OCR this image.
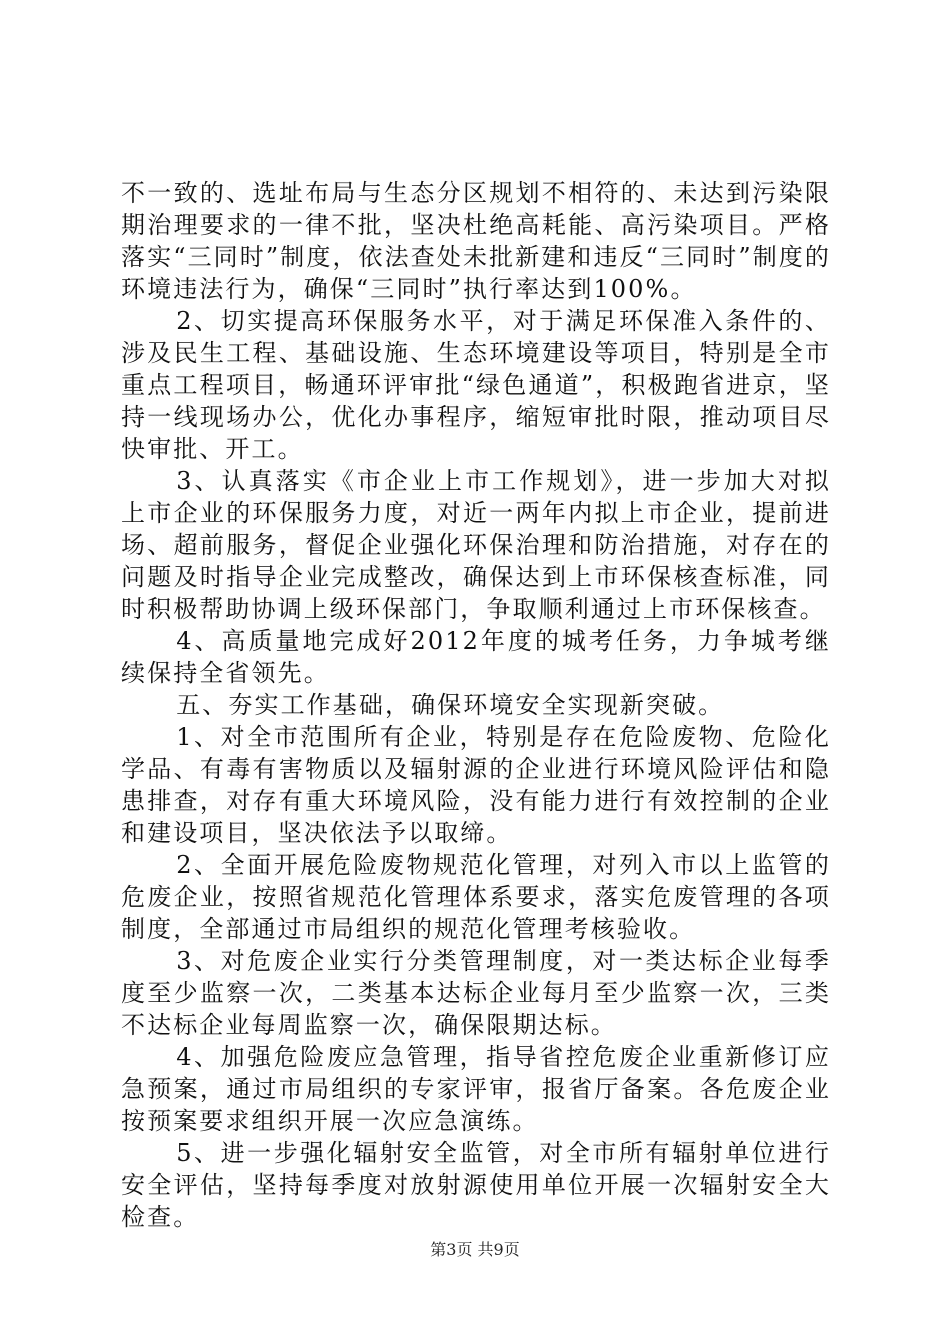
不一致的、选址布局与生态分区规划不相符的、未达到污染限期治理要求的一律不批，坚决杜绝高耗能、高污染项目。严格落实“三同时”制度，依法查处未批新建和违反“三同时”制度的环境违法行为，确保“三同时”执行率达到100%。

2、切实提高环保服务水平，对于满足环保准入条件的、涉及民生工程、基础设施、生态环境建设等项目，特别是全市重点工程项目，畅通环评审批“绿色通道”，积极跑省进京，坚持一线现场办公，优化办事程序，缩短审批时限，推动项目尽快审批、开工。

3、认真落实《市企业上市工作规划》，进一步加大对拟上市企业的环保服务力度，对近一两年内拟上市企业，提前进场、超前服务，督促企业强化环保治理和防治措施，对存在的问题及时指导企业完成整改，确保达到上市环保核查标准，同时积极帮助协调上级环保部门，争取顺利通过上市环保核查。

4、高质量地完成好2012年度的城考任务，力争城考继续保持全省领先。

五、夯实工作基础，确保环境安全实现新突破。

1、对全市范围所有企业，特别是存在危险废物、危险化学品、有毒有害物质以及辐射源的企业进行环境风险评估和隐患排查，对存有重大环境风险，没有能力进行有效控制的企业和建设项目，坚决依法予以取缔。

2、全面开展危险废物规范化管理，对列入市以上监管的危废企业，按照省规范化管理体系要求，落实危废管理的各项制度，全部通过市局组织的规范化管理考核验收。

3、对危废企业实行分类管理制度，对一类达标企业每季度至少监察一次，二类基本达标企业每月至少监察一次，三类不达标企业每周监察一次，确保限期达标。

4、加强危险废应急管理，指导省控危废企业重新修订应急预案，通过市局组织的专家评审，报省厅备案。各危废企业按预案要求组织开展一次应急演练。

5、进一步强化辐射安全监管，对全市所有辐射单位进行安全评估，坚持每季度对放射源使用单位开展一次辐射安全大检查。

第3页 共9页
